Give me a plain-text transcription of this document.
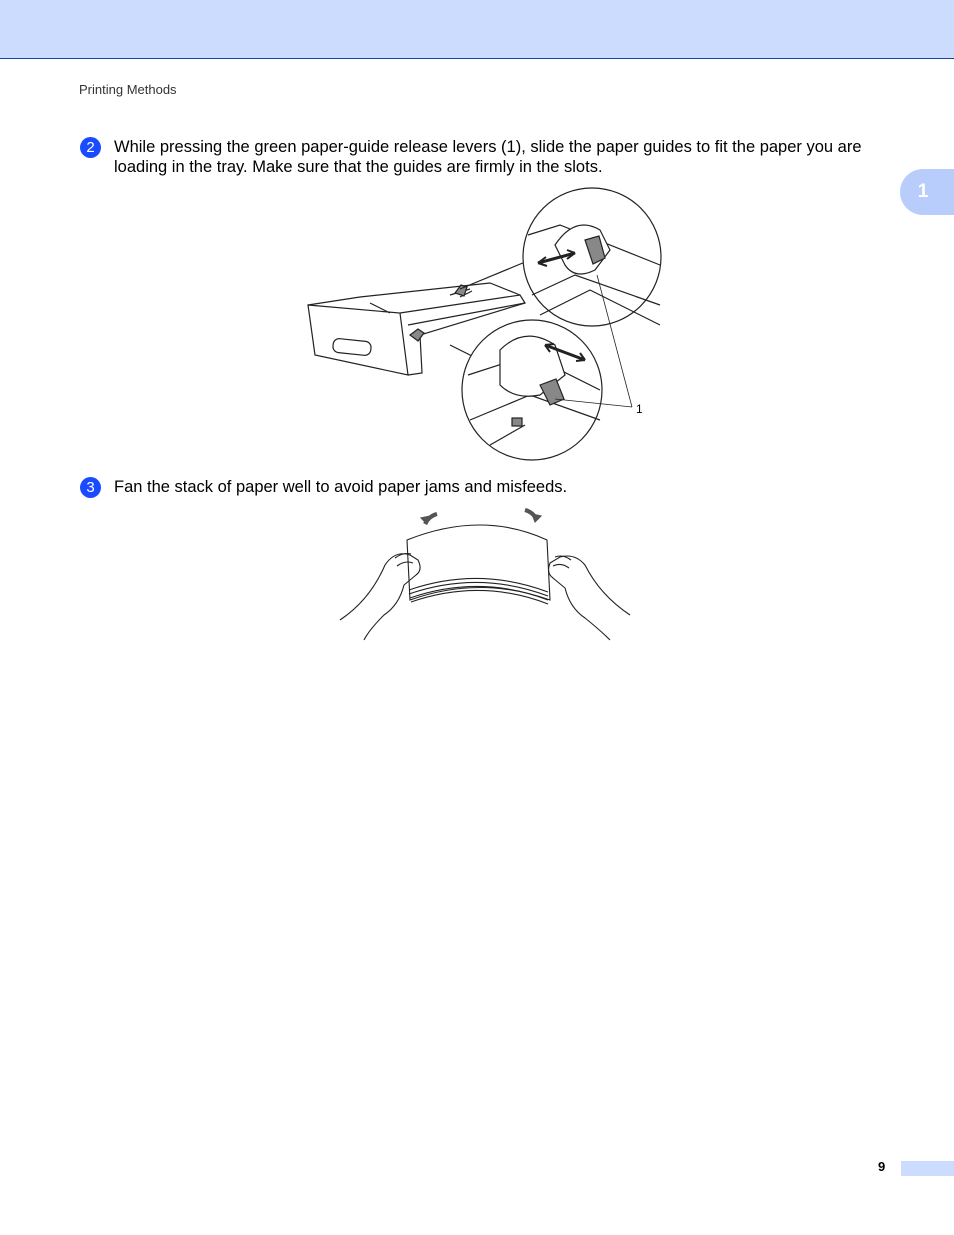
Printing Methods
1
2	While pressing the green paper-guide release levers (1), slide the paper guides to fit the paper you are loading in the tray. Make sure that the guides are firmly in the slots.
1
3	Fan the stack of paper well to avoid paper jams and misfeeds.
9
